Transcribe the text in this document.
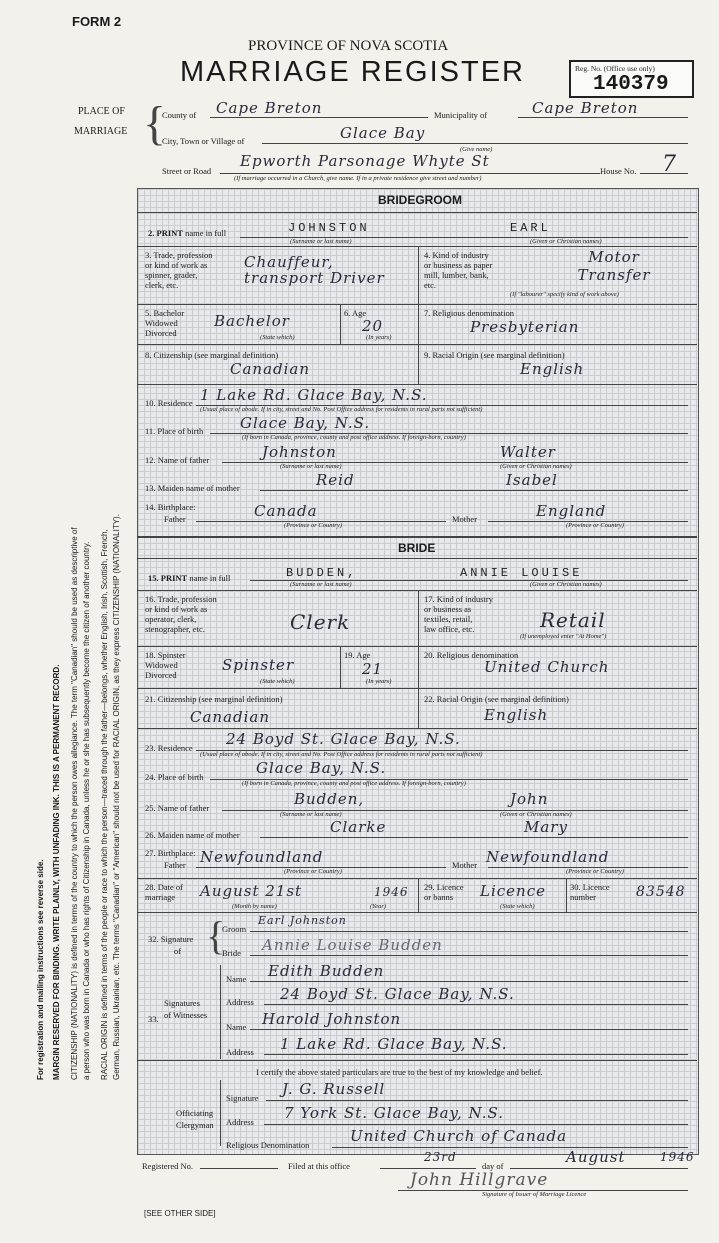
For registration and mailing instructions see reverse side. MARGIN RESERVED FOR BINDING. WRITE PLAINLY, WITH UNFADING INK. THIS IS A PERMANENT RECORD. CITIZENSHIP (NATIONALITY) is defined in terms of the country to which the person owes allegiance. The term "Canadian" should be used as descriptive of a person who was born in Canada or who has rights of Citizenship in Canada, unless he or she has subsequently become the citizen of another country. RACIAL ORIGIN is defined in terms of the people or race to which the person—traced through the father—belongs, whether English, Irish, Scottish, French, German, Russian, Ukrainian, etc. The terms "Canadian" or "American" should not be used for RACIAL ORIGIN, as they express CITIZENSHIP (NATIONALITY).
FORM 2
PROVINCE OF NOVA SCOTIA
MARRIAGE REGISTER	Reg. No. (Office use only)
140379
PLACE OF
MARRIAGE {
County of Cape Breton	Municipality of	Cape Breton
City, Town or Village of	Glace Bay
(Give name)
Street or Road
Epworth Parsonage Whyte St
House No. 7
(If marriage occurred in a Church, give name. If in a private residence give street and number)
BRIDEGROOM
2. PRINT name in full	JOHNSTON	EARL
(Surname or last name)	(Given or Christian names)
3. Trade, profession
or kind of work as
spinner, grader,
clerk, etc.
Chauffeur, transport Driver
4. Kind of industry
or business as paper
mill, lumber, bank,
etc.
Motor Transfer
(If "labourer" specify kind of work above)
5. Bachelor
Widowed
Divorced
Bachelor
(State which)
6. Age
20
(In years)
7. Religious denomination
Presbyterian
8. Citizenship (see marginal definition)
Canadian
9. Racial Origin (see marginal definition)
English
10. Residence 1 Lake Rd. Glace Bay, N.S.
(Usual place of abode. If in city, street and No. Post Office address for residents in rural parts not sufficient)
11. Place of birth Glace Bay, N.S.
(If born in Canada, province, county and post office address. If foreign-born, country)
12. Name of father	Johnston	Walter
(Surname or last name)	(Given or Christian names)
13. Maiden name of mother	Reid	Isabel
14. Birthplace:
Father	Canada	Mother	England
(Province or Country)	(Province or Country)
BRIDE
15. PRINT name in full	BUDDEN,	ANNIE LOUISE
(Surname or last name)	(Given or Christian names)
16. Trade, profession
or kind of work as
operator, clerk,
stenographer, etc.	Clerk
17. Kind of industry
or business as
textiles, retail,
law office, etc.	Retail
(If unemployed enter "At Home")
18. Spinster
Widowed
Divorced
Spinster
(State which)
19. Age
21
(In years)
20. Religious denomination
United Church
21. Citizenship (see marginal definition)
Canadian
22. Racial Origin (see marginal definition)
English
23. Residence 24 Boyd St. Glace Bay, N.S.
(Usual place of abode. If in city, street and No. Post Office address for residents in rural parts not sufficient)
24. Place of birth	Glace Bay, N.S.
(If born in Canada, province, county and post office address. If foreign-born, country)
25. Name of father	Budden,	John
(Surname or last name)	(Given or Christian names)
26. Maiden name of mother	Clarke	Mary
27. Birthplace:
Father Newfoundland	Mother Newfoundland
(Province or Country)	(Province or Country)
28. Date of
marriage	August 21st	1946
(Month by name)	(Year)
29. Licence
or banns	Licence
(State which)
30. Licence
number	83548
32. Signature
of {
Groom
Earl Johnston
Bride Annie Louise Budden
33.
Signatures
of Witnesses
Name Edith Budden
Address 24 Boyd St. Glace Bay, N.S.
Name Harold Johnston
Address 1 Lake Rd. Glace Bay, N.S.
I certify the above stated particulars are true to the best of my knowledge and belief.
Officiating
Clergyman
Signature J. G. Russell
Address 7 York St. Glace Bay, N.S.
Religious Denomination	United Church of Canada
Registered No.	Filed at this office
23rd
day of	August	1946
John Hillgrave
Signature of Issuer of Marriage Licence
[SEE OTHER SIDE]
